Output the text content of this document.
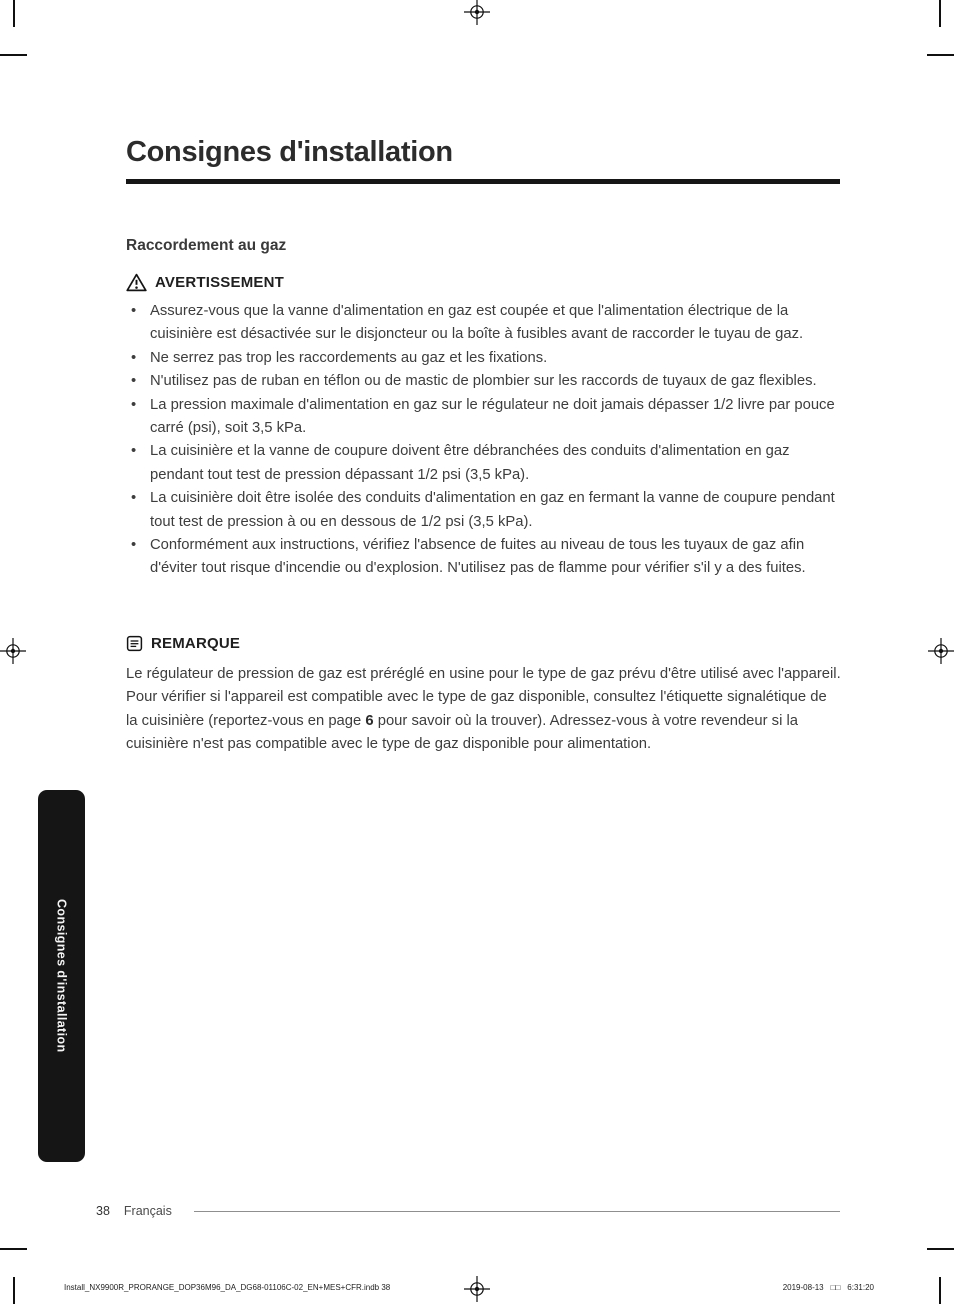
Consignes d'installation
Raccordement au gaz
AVERTISSEMENT
• Assurez-vous que la vanne d'alimentation en gaz est coupée et que l'alimentation électrique de la cuisinière est désactivée sur le disjoncteur ou la boîte à fusibles avant de raccorder le tuyau de gaz.
• Ne serrez pas trop les raccordements au gaz et les fixations.
• N'utilisez pas de ruban en téflon ou de mastic de plombier sur les raccords de tuyaux de gaz flexibles.
• La pression maximale d'alimentation en gaz sur le régulateur ne doit jamais dépasser 1/2 livre par pouce carré (psi), soit 3,5 kPa.
• La cuisinière et la vanne de coupure doivent être débranchées des conduits d'alimentation en gaz pendant tout test de pression dépassant 1/2 psi (3,5 kPa).
• La cuisinière doit être isolée des conduits d'alimentation en gaz en fermant la vanne de coupure pendant tout test de pression à ou en dessous de 1/2 psi (3,5 kPa).
• Conformément aux instructions, vérifiez l'absence de fuites au niveau de tous les tuyaux de gaz afin d'éviter tout risque d'incendie ou d'explosion. N'utilisez pas de flamme pour vérifier s'il y a des fuites.
REMARQUE

Le régulateur de pression de gaz est préréglé en usine pour le type de gaz prévu d'être utilisé avec l'appareil. Pour vérifier si l'appareil est compatible avec le type de gaz disponible, consultez l'étiquette signalétique de la cuisinière (reportez-vous en page 6 pour savoir où la trouver). Adressez-vous à votre revendeur si la cuisinière n'est pas compatible avec le type de gaz disponible pour alimentation.

Consignes d'installation
38 Français
Install_NX9900R_PRORANGE_DOP36M96_DA_DG68-01106C-02_EN+MES+CFR.indb 38	2019-08-13 □□ 6:31:20
